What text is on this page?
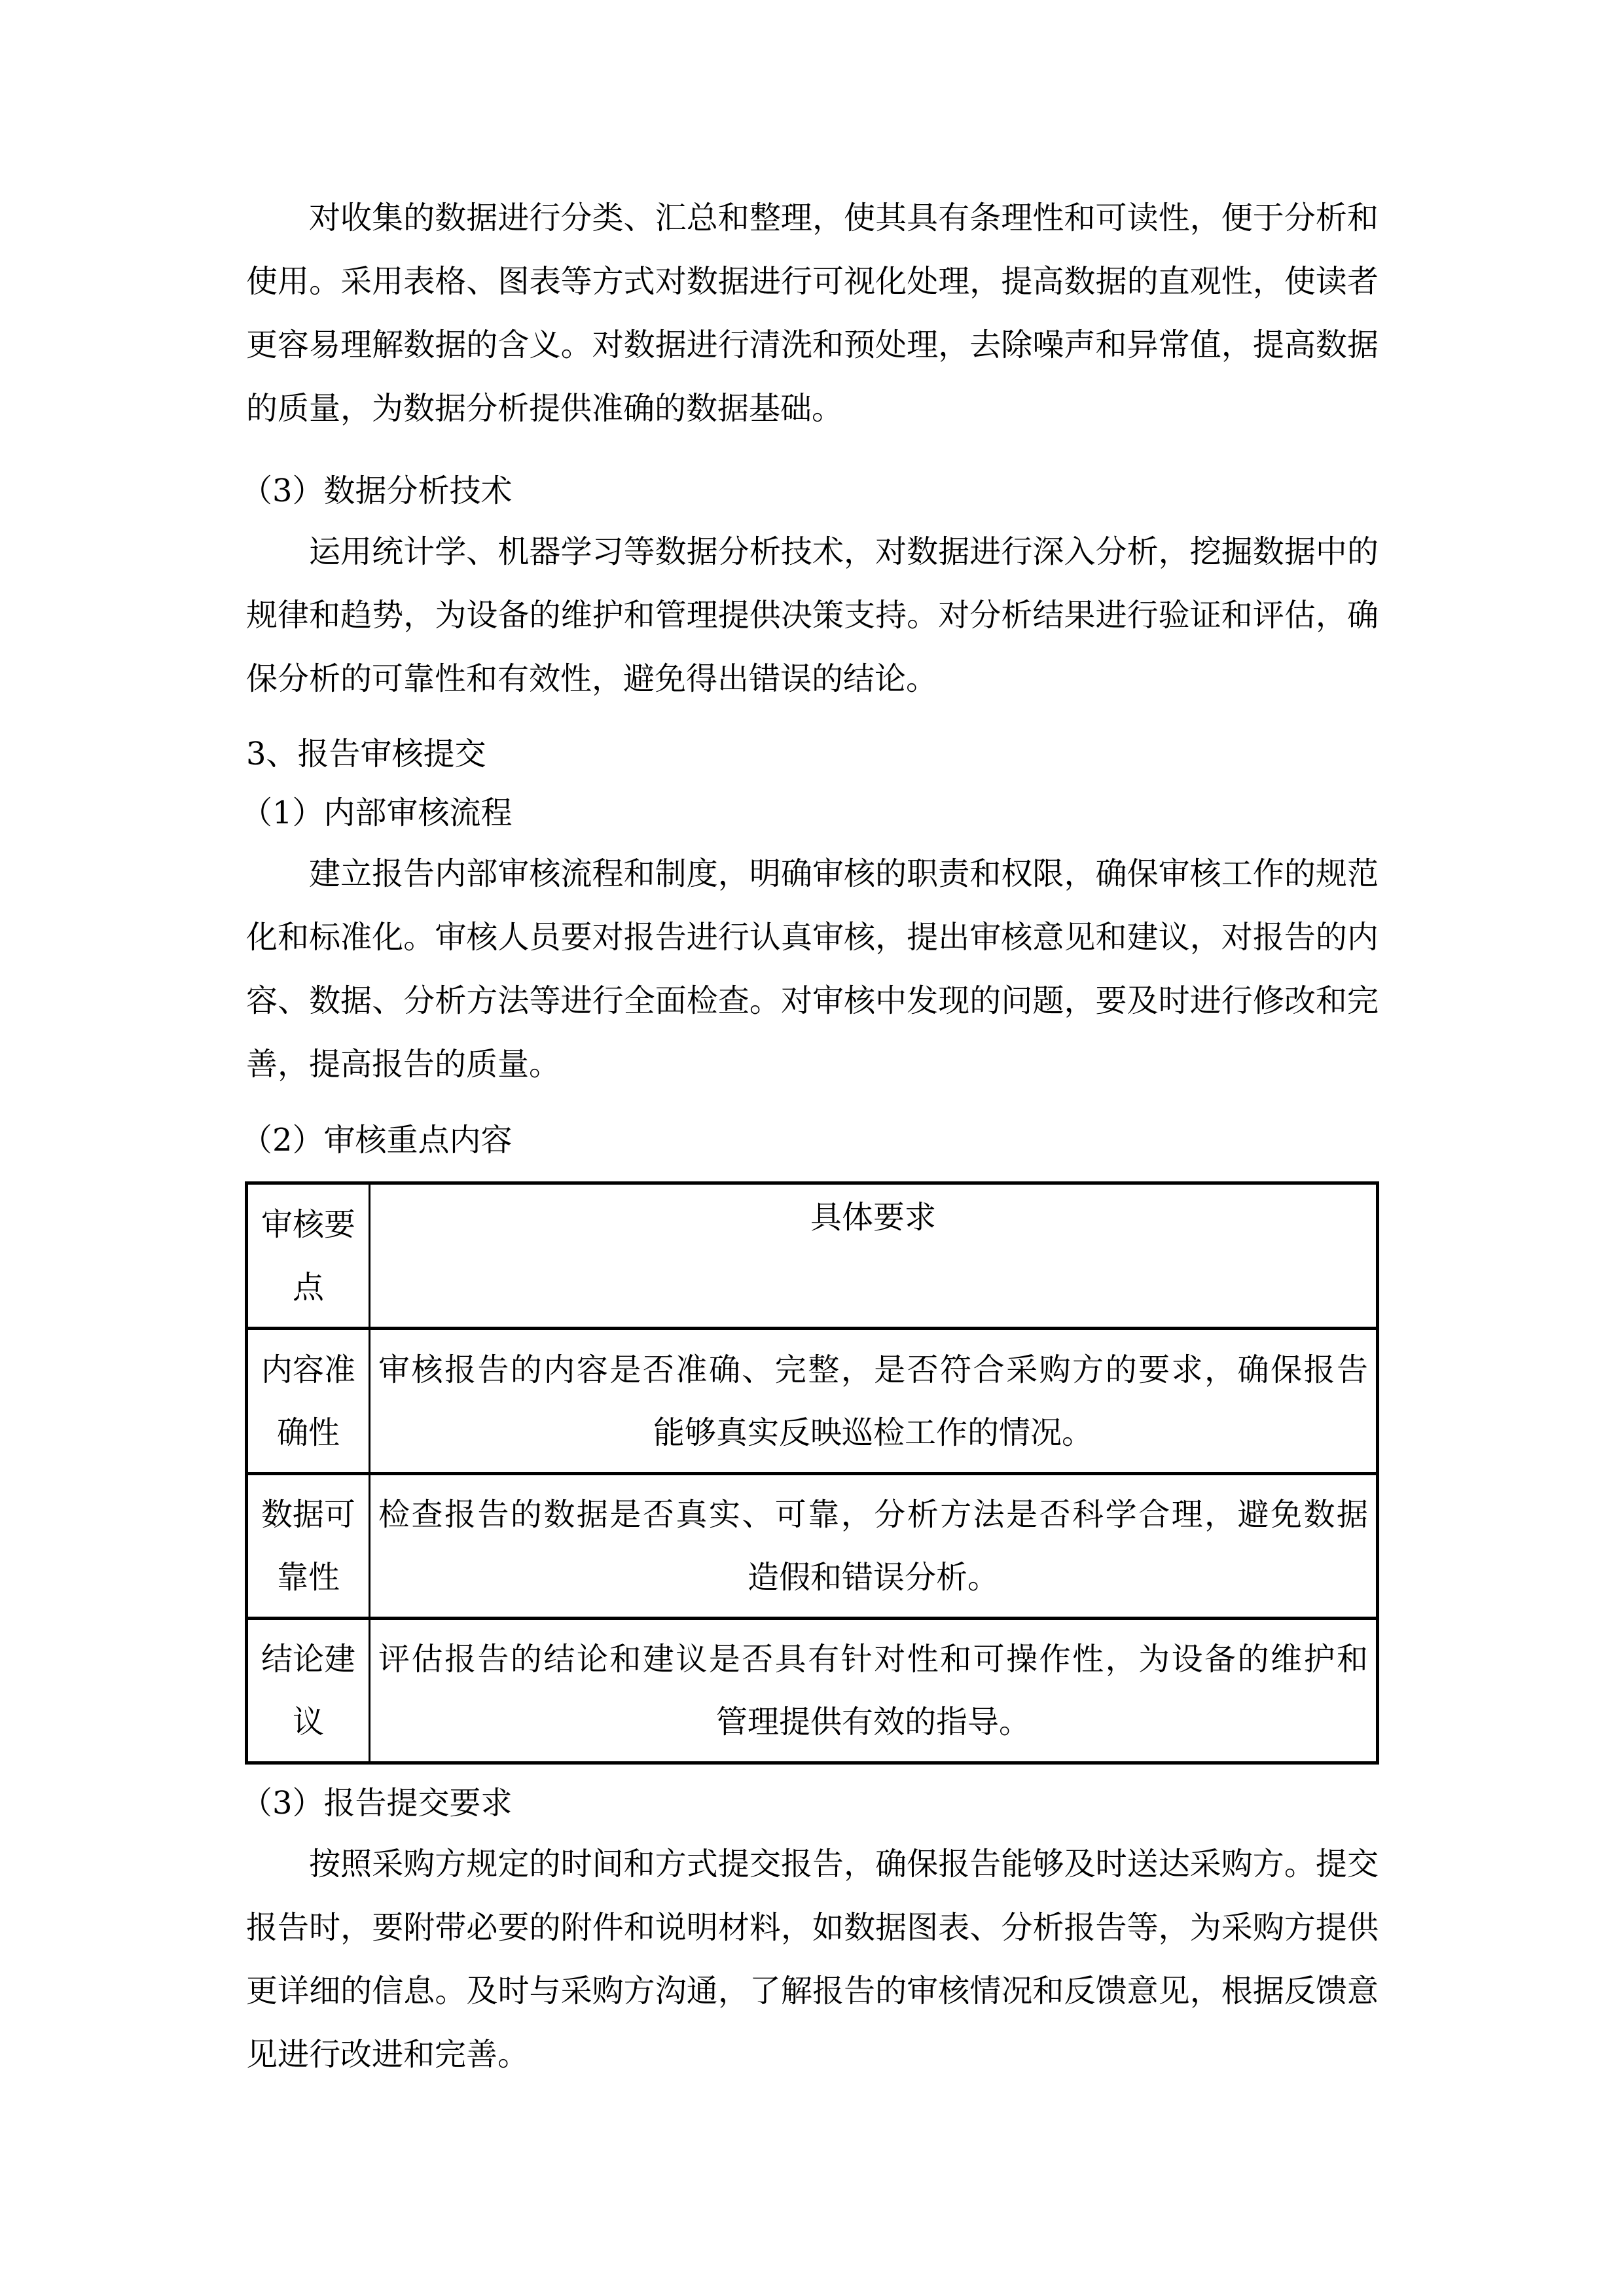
对收集的数据进行分类、汇总和整理，使其具有条理性和可读性，便于分析和使用。采用表格、图表等方式对数据进行可视化处理，提高数据的直观性，使读者更容易理解数据的含义。对数据进行清洗和预处理，去除噪声和异常值，提高数据的质量，为数据分析提供准确的数据基础。
（3）数据分析技术
运用统计学、机器学习等数据分析技术，对数据进行深入分析，挖掘数据中的规律和趋势，为设备的维护和管理提供决策支持。对分析结果进行验证和评估，确保分析的可靠性和有效性，避免得出错误的结论。
3、报告审核提交
（1）内部审核流程
建立报告内部审核流程和制度，明确审核的职责和权限，确保审核工作的规范化和标准化。审核人员要对报告进行认真审核，提出审核意见和建议，对报告的内容、数据、分析方法等进行全面检查。对审核中发现的问题，要及时进行修改和完善，提高报告的质量。
（2）审核重点内容
审核要点	具体要求
内容准确性	审核报告的内容是否准确、完整，是否符合采购方的要求，确保报告
能够真实反映巡检工作的情况。

数据可靠性	检查报告的数据是否真实、可靠，分析方法是否科学合理，避免数据
造假和错误分析。

结论建议	评估报告的结论和建议是否具有针对性和可操作性，为设备的维护和
管理提供有效的指导。
（3）报告提交要求
按照采购方规定的时间和方式提交报告，确保报告能够及时送达采购方。提交报告时，要附带必要的附件和说明材料，如数据图表、分析报告等，为采购方提供更详细的信息。及时与采购方沟通，了解报告的审核情况和反馈意见，根据反馈意见进行改进和完善。
